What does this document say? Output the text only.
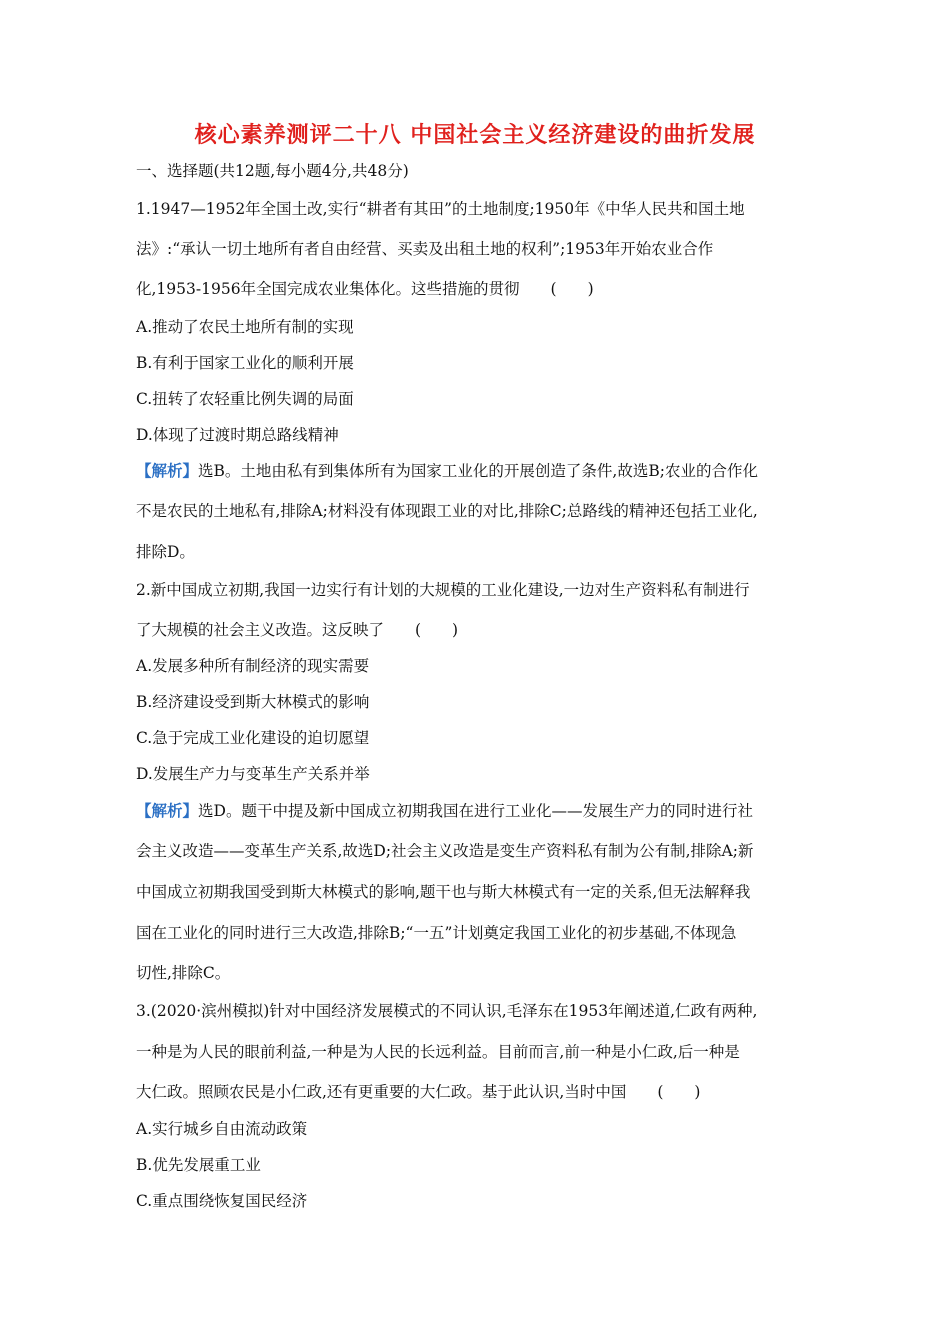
核心素养测评二十八 中国社会主义经济建设的曲折发展
一、选择题(共12题,每小题4分,共48分)
1.1947—1952年全国土改,实行“耕者有其田”的土地制度;1950年《中华人民共和国土地
法》:“承认一切土地所有者自由经营、买卖及出租土地的权利”;1953年开始农业合作
化,1953-1956年全国完成农业集体化。这些措施的贯彻　　(　　)
A.推动了农民土地所有制的实现
B.有利于国家工业化的顺利开展
C.扭转了农轻重比例失调的局面
D.体现了过渡时期总路线精神
【解析】选B。土地由私有到集体所有为国家工业化的开展创造了条件,故选B;农业的合作化
不是农民的土地私有,排除A;材料没有体现跟工业的对比,排除C;总路线的精神还包括工业化,
排除D。
2.新中国成立初期,我国一边实行有计划的大规模的工业化建设,一边对生产资料私有制进行
了大规模的社会主义改造。这反映了　　(　　)
A.发展多种所有制经济的现实需要
B.经济建设受到斯大林模式的影响
C.急于完成工业化建设的迫切愿望
D.发展生产力与变革生产关系并举
【解析】选D。题干中提及新中国成立初期我国在进行工业化——发展生产力的同时进行社
会主义改造——变革生产关系,故选D;社会主义改造是变生产资料私有制为公有制,排除A;新
中国成立初期我国受到斯大林模式的影响,题干也与斯大林模式有一定的关系,但无法解释我
国在工业化的同时进行三大改造,排除B;“一五”计划奠定我国工业化的初步基础,不体现急
切性,排除C。
3.(2020·滨州模拟)针对中国经济发展模式的不同认识,毛泽东在1953年阐述道,仁政有两种,
一种是为人民的眼前利益,一种是为人民的长远利益。目前而言,前一种是小仁政,后一种是
大仁政。照顾农民是小仁政,还有更重要的大仁政。基于此认识,当时中国　　(　　)
A.实行城乡自由流动政策
B.优先发展重工业
C.重点围绕恢复国民经济
